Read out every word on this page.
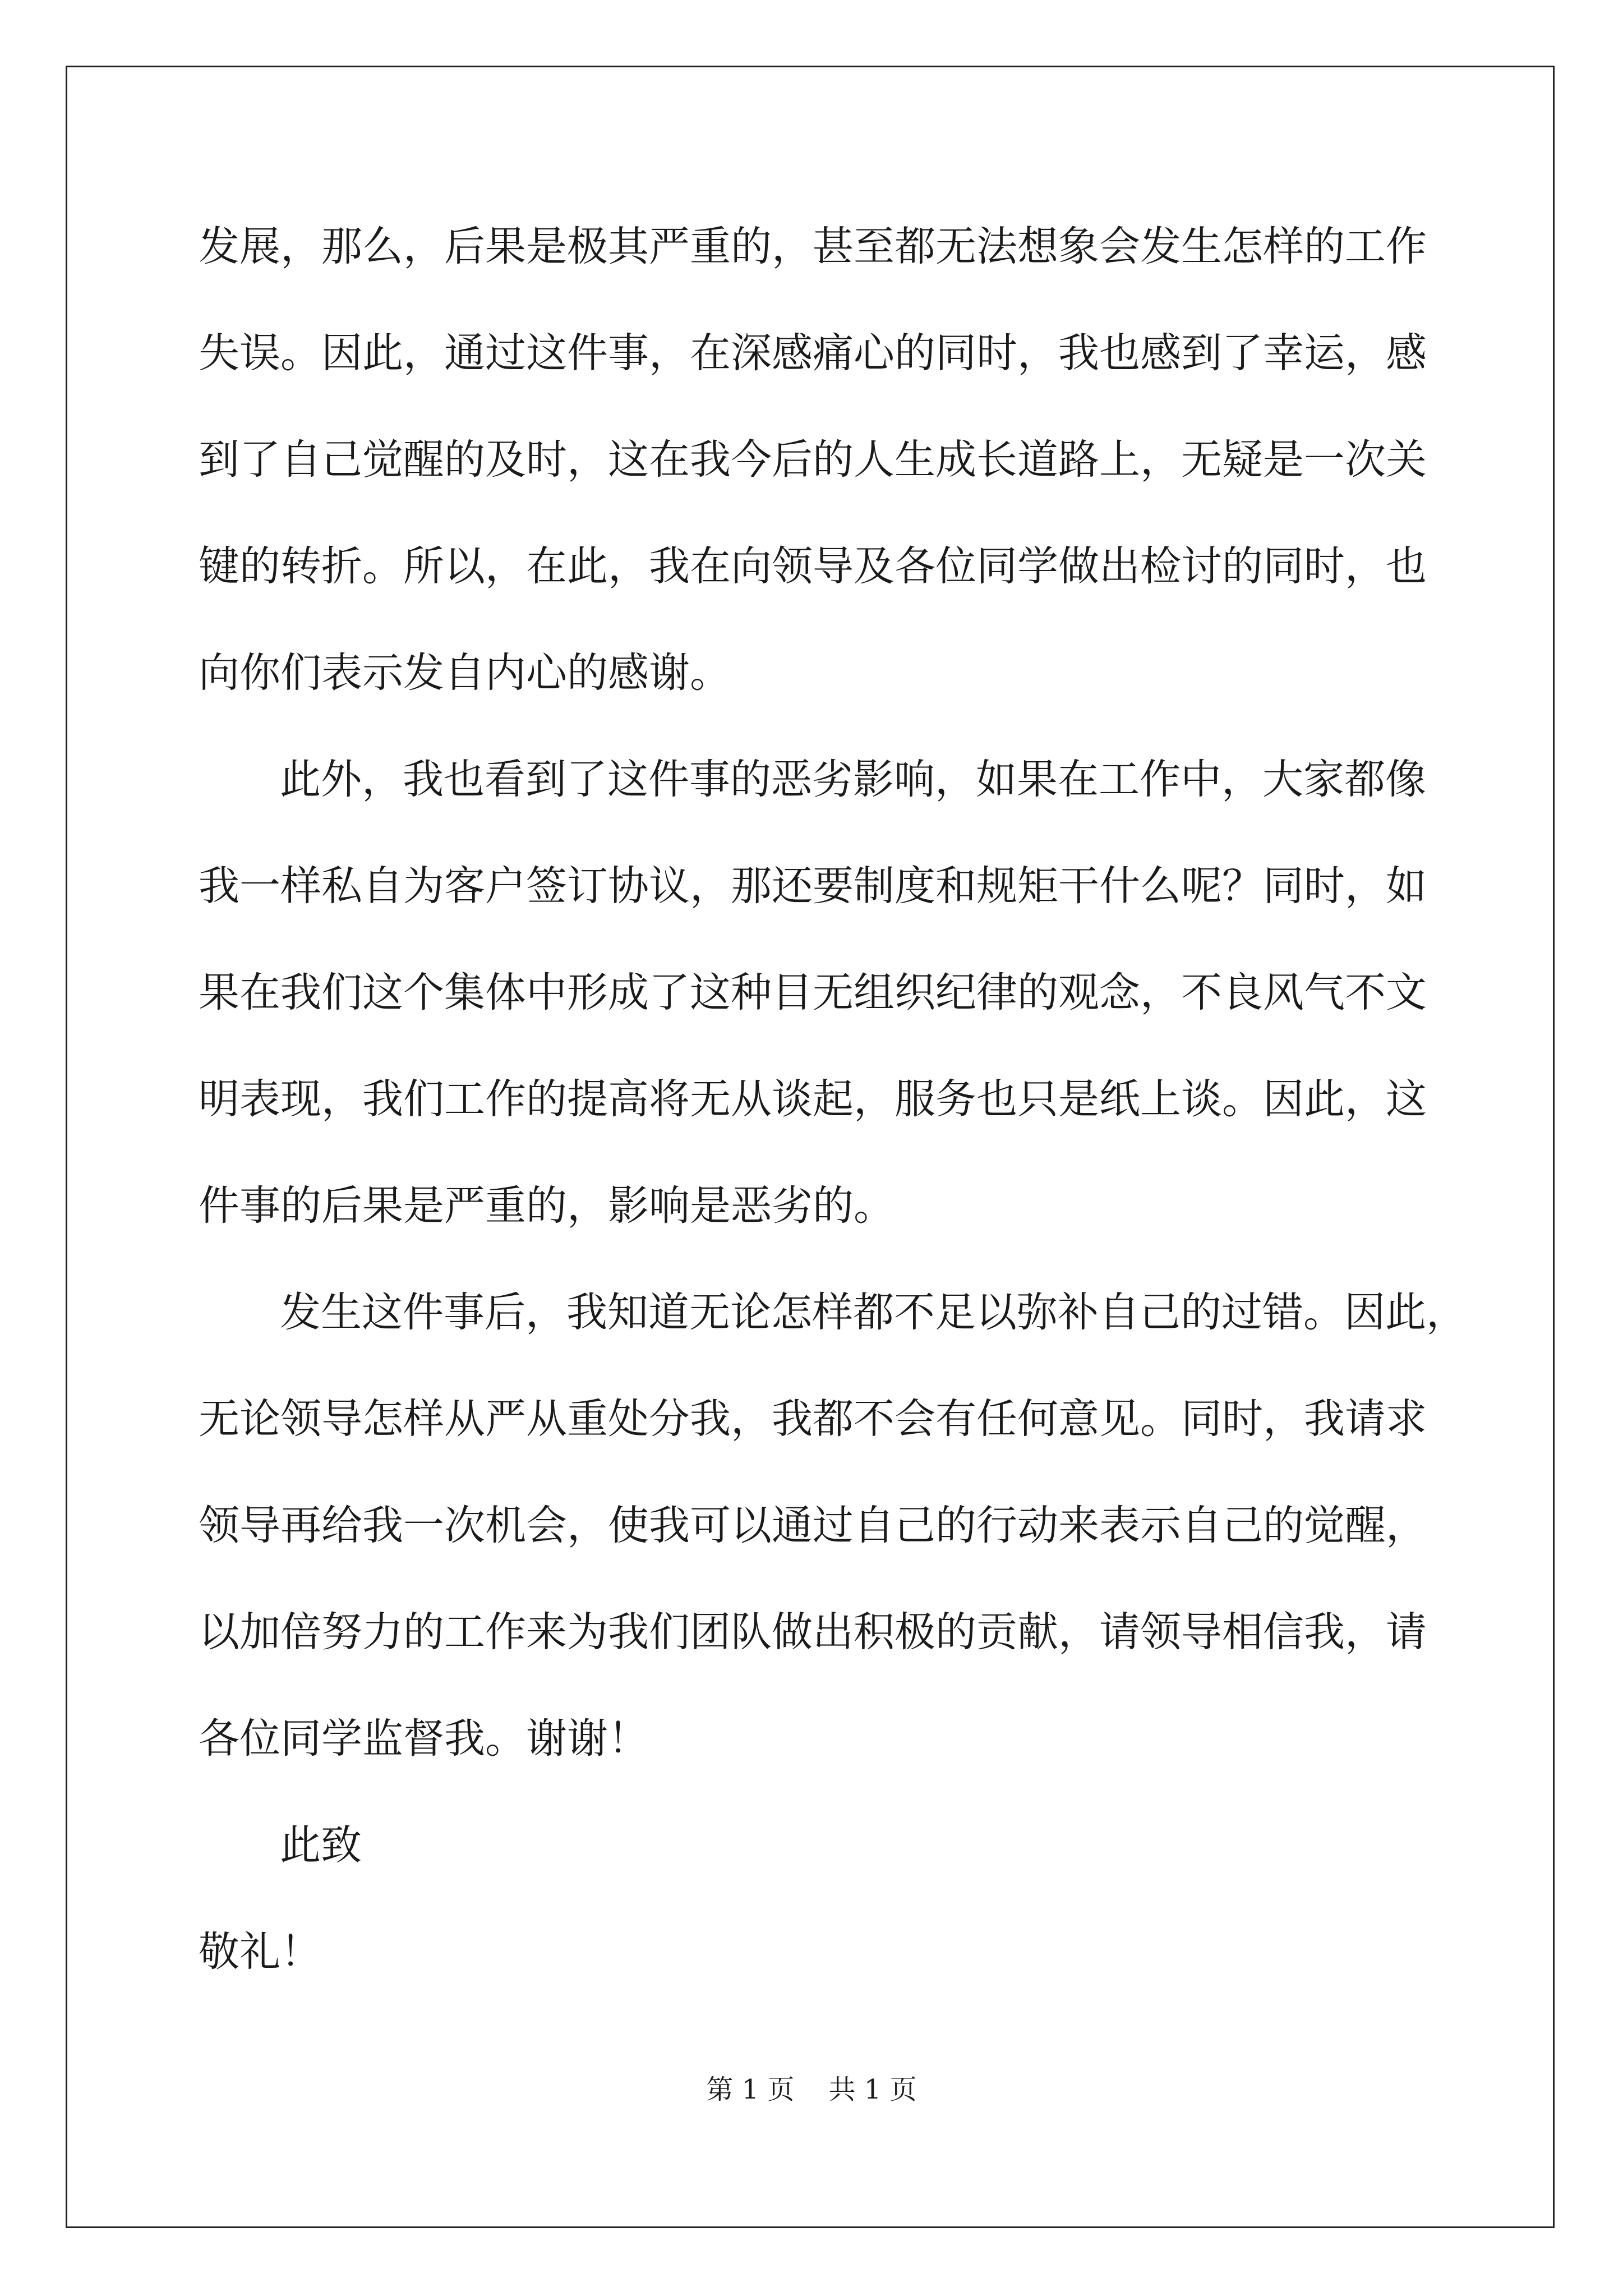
发展，那么，后果是极其严重的，甚至都无法想象会发生怎样的工作
失误。因此，通过这件事，在深感痛心的同时，我也感到了幸运，感
到了自己觉醒的及时，这在我今后的人生成长道路上，无疑是一次关
键的转折。所以，在此，我在向领导及各位同学做出检讨的同时，也
向你们表示发自内心的感谢。
此外，我也看到了这件事的恶劣影响，如果在工作中，大家都像
我一样私自为客户签订协议，那还要制度和规矩干什么呢？同时，如
果在我们这个集体中形成了这种目无组织纪律的观念，不良风气不文
明表现，我们工作的提高将无从谈起，服务也只是纸上谈。因此，这
件事的后果是严重的，影响是恶劣的。
发生这件事后，我知道无论怎样都不足以弥补自己的过错。因此，
无论领导怎样从严从重处分我，我都不会有任何意见。同时，我请求
领导再给我一次机会，使我可以通过自己的行动来表示自己的觉醒，
以加倍努力的工作来为我们团队做出积极的贡献，请领导相信我，请
各位同学监督我。谢谢！
此致
敬礼！
第 1 页    共 1 页
